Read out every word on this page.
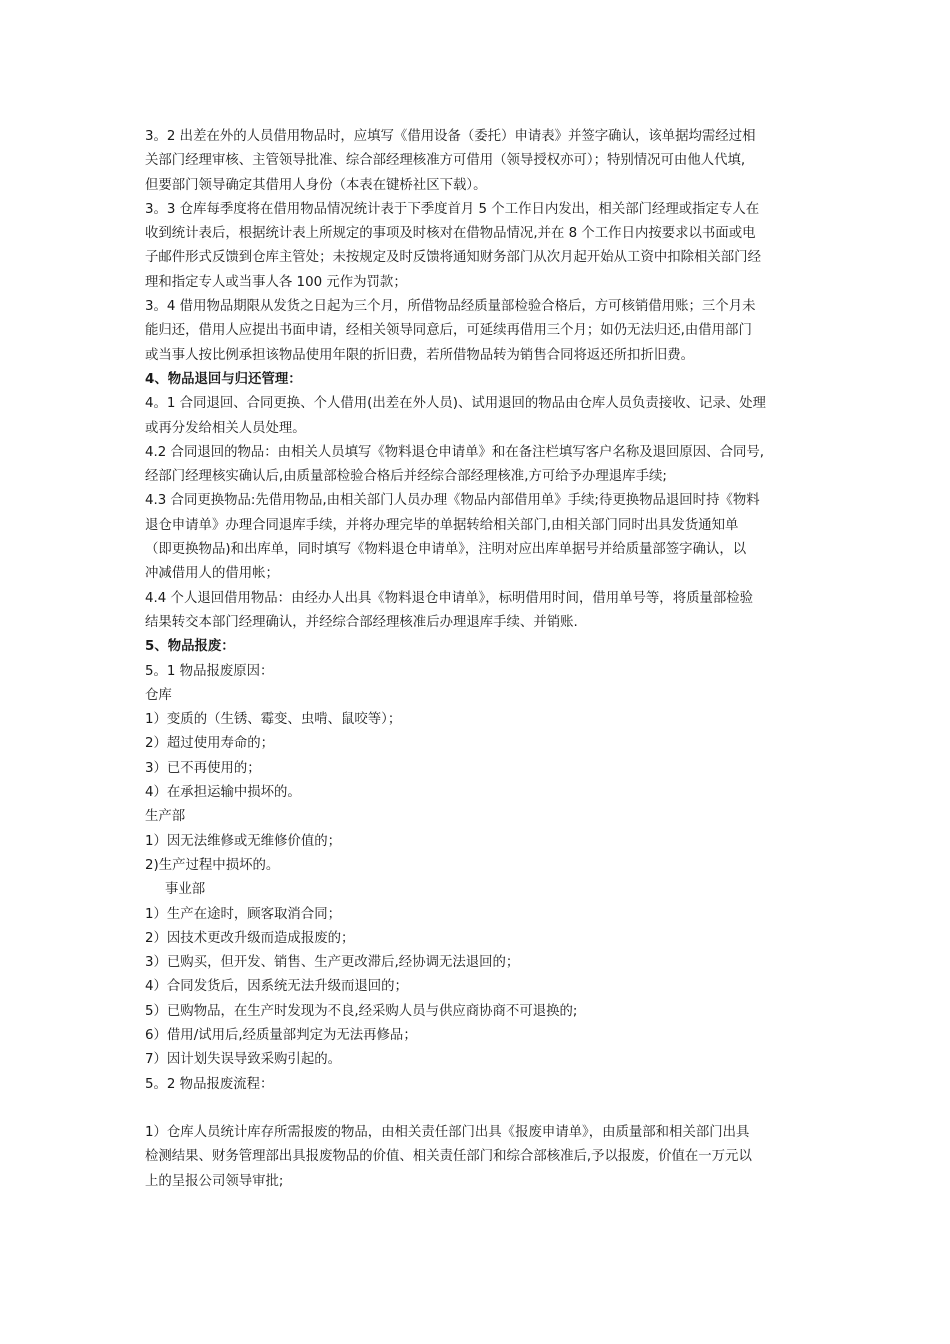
3。2 出差在外的人员借用物品时，应填写《借用设备（委托）申请表》并签字确认，该单据均需经过相

关部门经理审核、主管领导批准、综合部经理核准方可借用（领导授权亦可）；特别情况可由他人代填,

但要部门领导确定其借用人身份（本表在键桥社区下载）。

3。3 仓库每季度将在借用物品情况统计表于下季度首月 5 个工作日内发出，相关部门经理或指定专人在

收到统计表后，根据统计表上所规定的事项及时核对在借物品情况,并在 8 个工作日内按要求以书面或电

子邮件形式反馈到仓库主管处；未按规定及时反馈将通知财务部门从次月起开始从工资中扣除相关部门经

理和指定专人或当事人各 100 元作为罚款；

3。4 借用物品期限从发货之日起为三个月，所借物品经质量部检验合格后，方可核销借用账；三个月未

能归还，借用人应提出书面申请，经相关领导同意后，可延续再借用三个月；如仍无法归还,由借用部门

或当事人按比例承担该物品使用年限的折旧费，若所借物品转为销售合同将返还所扣折旧费。

4、物品退回与归还管理：

4。1 合同退回、合同更换、个人借用(出差在外人员)、试用退回的物品由仓库人员负责接收、记录、处理

或再分发给相关人员处理。

4.2 合同退回的物品：由相关人员填写《物料退仓申请单》和在备注栏填写客户名称及退回原因、合同号,

经部门经理核实确认后,由质量部检验合格后并经综合部经理核准,方可给予办理退库手续;

4.3 合同更换物品:先借用物品,由相关部门人员办理《物品内部借用单》手续;待更换物品退回时持《物料

退仓申请单》办理合同退库手续，并将办理完毕的单据转给相关部门,由相关部门同时出具发货通知单

（即更换物品)和出库单，同时填写《物料退仓申请单》，注明对应出库单据号并给质量部签字确认，以

冲减借用人的借用帐；

4.4 个人退回借用物品：由经办人出具《物料退仓申请单》，标明借用时间，借用单号等，将质量部检验

结果转交本部门经理确认，并经综合部经理核准后办理退库手续、并销账.

5、物品报废：

5。1 物品报废原因：

仓库

1）变质的（生锈、霉变、虫啃、鼠咬等）；

2）超过使用寿命的；

3）已不再使用的；

4）在承担运输中损坏的。

生产部

1）因无法维修或无维修价值的；

2)生产过程中损坏的。

事业部

1）生产在途时，顾客取消合同；

2）因技术更改升级而造成报废的；

3）已购买，但开发、销售、生产更改滞后,经协调无法退回的；

4）合同发货后，因系统无法升级而退回的；

5）已购物品，在生产时发现为不良,经采购人员与供应商协商不可退换的;

6）借用/试用后,经质量部判定为无法再修品；

7）因计划失误导致采购引起的。

5。2 物品报废流程：

1）仓库人员统计库存所需报废的物品，由相关责任部门出具《报废申请单》，由质量部和相关部门出具

检测结果、财务管理部出具报废物品的价值、相关责任部门和综合部核准后,予以报废，价值在一万元以

上的呈报公司领导审批;
